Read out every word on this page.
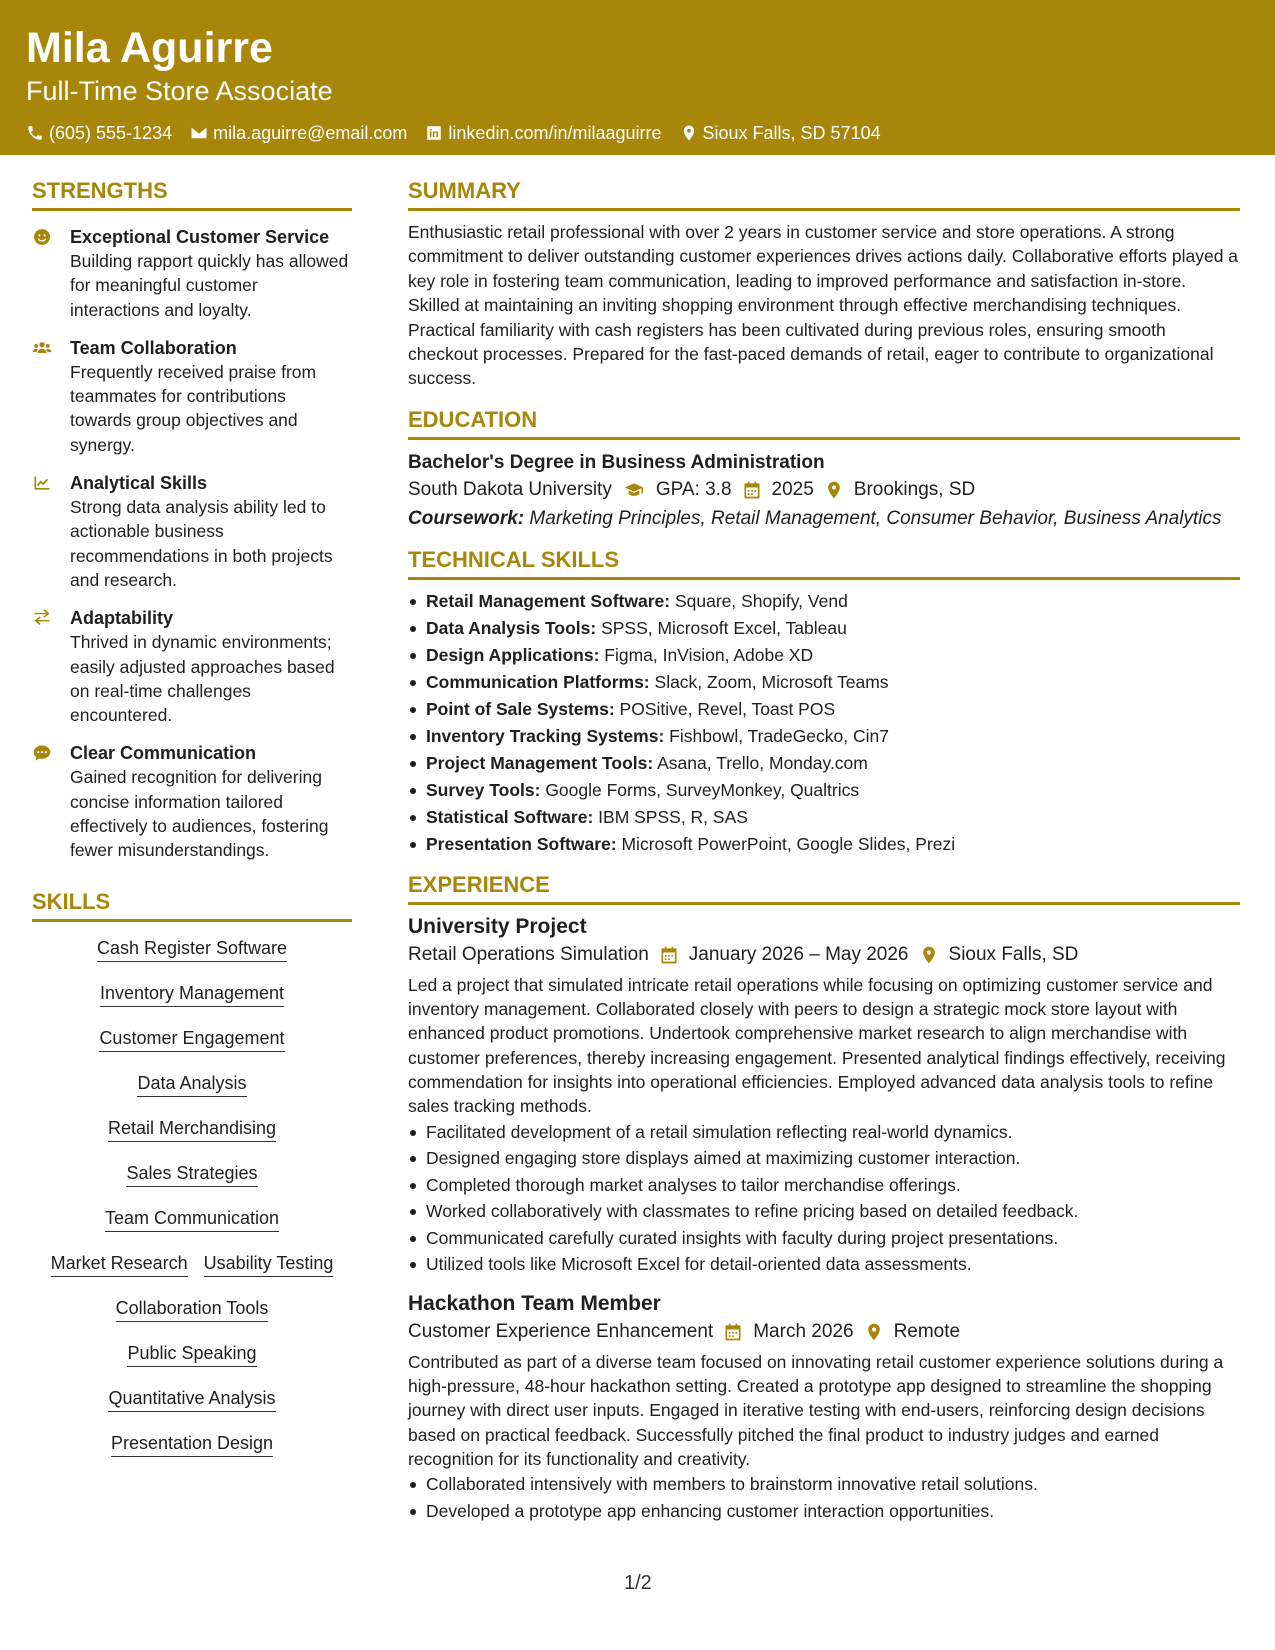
Mila Aguirre
Full-Time Store Associate
(605) 555-1234 mila.aguirre@email.com linkedin.com/in/milaaguirre Sioux Falls, SD 57104
STRENGTHS
Exceptional Customer Service
Building rapport quickly has allowed for meaningful customer interactions and loyalty.
Team Collaboration
Frequently received praise from teammates for contributions towards group objectives and synergy.
Analytical Skills
Strong data analysis ability led to actionable business recommendations in both projects and research.
Adaptability
Thrived in dynamic environments; easily adjusted approaches based on real-time challenges encountered.
Clear Communication
Gained recognition for delivering concise information tailored effectively to audiences, fostering fewer misunderstandings.
SKILLS
Cash Register Software
Inventory Management
Customer Engagement
Data Analysis
Retail Merchandising
Sales Strategies
Team Communication
Market Research Usability Testing
Collaboration Tools
Public Speaking
Quantitative Analysis
Presentation Design
SUMMARY
Enthusiastic retail professional with over 2 years in customer service and store operations. A strong commitment to deliver outstanding customer experiences drives actions daily. Collaborative efforts played a key role in fostering team communication, leading to improved performance and satisfaction in-store. Skilled at maintaining an inviting shopping environment through effective merchandising techniques. Practical familiarity with cash registers has been cultivated during previous roles, ensuring smooth checkout processes. Prepared for the fast-paced demands of retail, eager to contribute to organizational success.
EDUCATION
Bachelor's Degree in Business Administration
South Dakota University GPA: 3.8 2025 Brookings, SD
Coursework: Marketing Principles, Retail Management, Consumer Behavior, Business Analytics
TECHNICAL SKILLS
Retail Management Software: Square, Shopify, Vend
Data Analysis Tools: SPSS, Microsoft Excel, Tableau
Design Applications: Figma, InVision, Adobe XD
Communication Platforms: Slack, Zoom, Microsoft Teams
Point of Sale Systems: POSitive, Revel, Toast POS
Inventory Tracking Systems: Fishbowl, TradeGecko, Cin7
Project Management Tools: Asana, Trello, Monday.com
Survey Tools: Google Forms, SurveyMonkey, Qualtrics
Statistical Software: IBM SPSS, R, SAS
Presentation Software: Microsoft PowerPoint, Google Slides, Prezi
EXPERIENCE
University Project
Retail Operations Simulation January 2026 – May 2026 Sioux Falls, SD
Led a project that simulated intricate retail operations while focusing on optimizing customer service and inventory management. Collaborated closely with peers to design a strategic mock store layout with enhanced product promotions. Undertook comprehensive market research to align merchandise with customer preferences, thereby increasing engagement. Presented analytical findings effectively, receiving commendation for insights into operational efficiencies. Employed advanced data analysis tools to refine sales tracking methods.
Facilitated development of a retail simulation reflecting real-world dynamics.
Designed engaging store displays aimed at maximizing customer interaction.
Completed thorough market analyses to tailor merchandise offerings.
Worked collaboratively with classmates to refine pricing based on detailed feedback.
Communicated carefully curated insights with faculty during project presentations.
Utilized tools like Microsoft Excel for detail-oriented data assessments.
Hackathon Team Member
Customer Experience Enhancement March 2026 Remote
Contributed as part of a diverse team focused on innovating retail customer experience solutions during a high-pressure, 48-hour hackathon setting. Created a prototype app designed to streamline the shopping journey with direct user inputs. Engaged in iterative testing with end-users, reinforcing design decisions based on practical feedback. Successfully pitched the final product to industry judges and earned recognition for its functionality and creativity.
Collaborated intensively with members to brainstorm innovative retail solutions.
Developed a prototype app enhancing customer interaction opportunities.
1/2
